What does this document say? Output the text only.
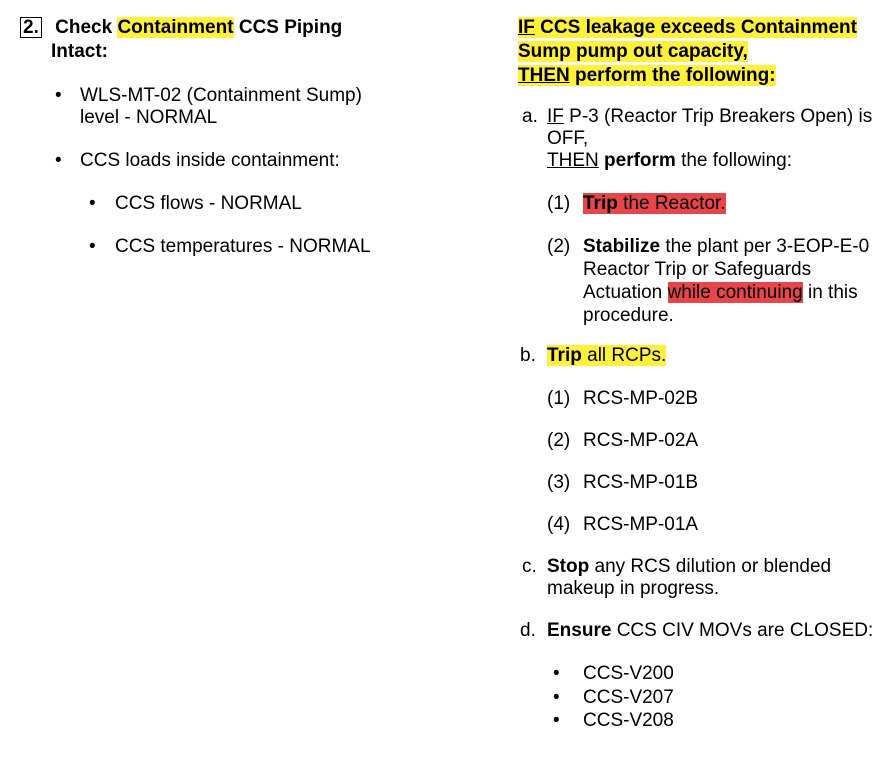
2. Check Containment CCS Piping
Intact:
• WLS-MT-02 (Containment Sump)
level - NORMAL
• CCS loads inside containment:
• CCS flows - NORMAL
• CCS temperatures - NORMAL
IF CCS leakage exceeds Containment
Sump pump out capacity,
THEN perform the following:
a. IF P-3 (Reactor Trip Breakers Open) is
OFF,
THEN perform the following:
(1) Trip the Reactor.
(2) Stabilize the plant per 3-EOP-E-0
Reactor Trip or Safeguards
Actuation while continuing in this
procedure.
b. Trip all RCPs.
(1) RCS-MP-02B
(2) RCS-MP-02A
(3) RCS-MP-01B
(4) RCS-MP-01A
c. Stop any RCS dilution or blended
makeup in progress.
d. Ensure CCS CIV MOVs are CLOSED:
• CCS-V200
• CCS-V207
• CCS-V208
